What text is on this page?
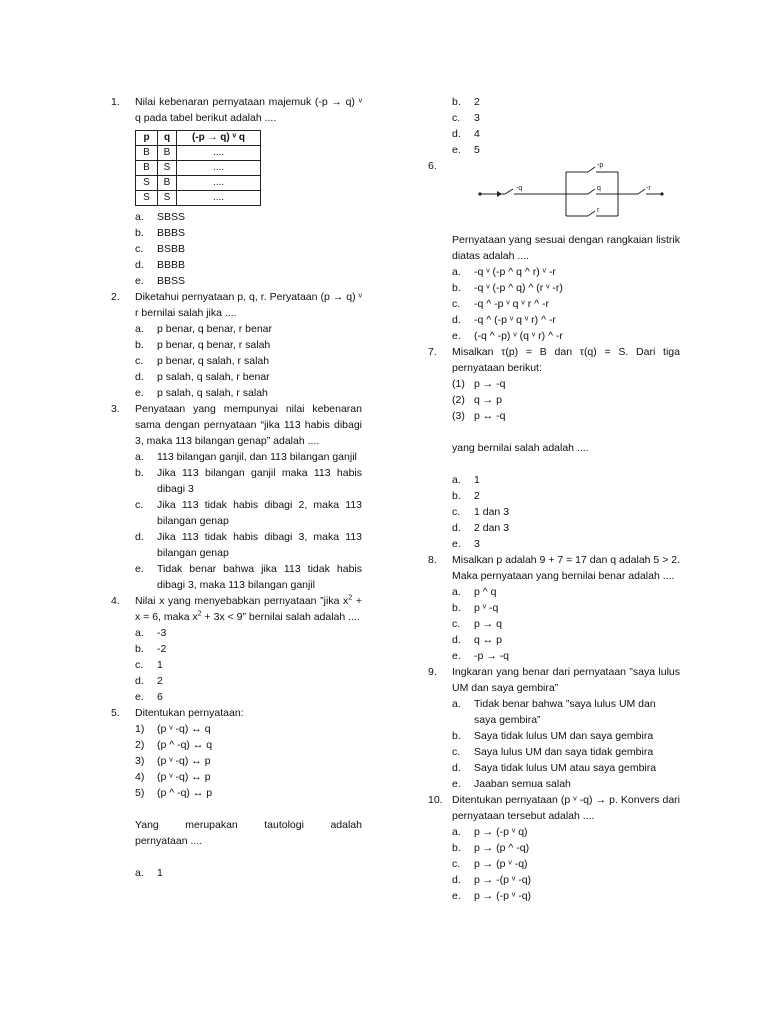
1.	Nilai kebenaran pernyataan majemuk (-p → q) ᵛ q pada tabel berikut adalah ....
p	q	(-p → q) ᵛ q
B	B	....
B	S	....
S	B	....
S	S	....
a.	SBSS
b.	BBBS
c.	BSBB
d.	BBBB
e.	BBSS
2.	Diketahui pernyataan p, q, r. Peryataan (p → q) ᵛ r bernilai salah jika ....
a.	p benar, q benar, r benar
b.	p benar, q benar, r salah
c.	p benar, q salah, r salah
d.	p salah, q salah, r benar
e.	p salah, q salah, r salah
3.	Penyataan yang mempunyai nilai kebenaran sama dengan pernyataan “jika 113 habis dibagi 3, maka 113 bilangan genap” adalah ....
a.	113 bilangan ganjil, dan 113 bilangan ganjil
b.	Jika 113 bilangan ganjil maka 113 habis dibagi 3
c.	Jika 113 tidak habis dibagi 2, maka 113 bilangan genap
d.	Jika 113 tidak habis dibagi 3, maka 113 bilangan genap
e.	Tidak benar bahwa jika 113 tidak habis dibagi 3, maka 113 bilangan ganjil
4.	Nilai x yang menyebabkan pernyataan ”jika $x^2 + x = 6$, maka $x^2 + 3x < 9$” bernilai salah adalah ....
a.	-3
b.	-2
c.	1
d.	2
e.	6
5.	Ditentukan pernyataan:
1)	(p ᵛ -q) ↔ q
2)	(p ^ -q) ↔ q
3)	(p ᵛ -q) ↔ p
4)	(p ᵛ -q) ↔ p
5)	(p ^ -q) ↔ p
Yang	merupakan	tautologi	adalah
pernyataan ....
a.	1
b.	2
c.	3
d.	4
e.	5
6.
-q
-p
q
r
-r
Pernyataan yang sesuai dengan rangkaian listrik diatas adalah ....
a.	-q ᵛ (-p ^ q ^ r) ᵛ -r
b.	-q ᵛ (-p ^ q) ^ (r ᵛ -r)
c.	-q ^ -p ᵛ q ᵛ r ^ -r
d.	-q ^ (-p ᵛ q ᵛ r) ^ -r
e.	(-q ^ -p) ᵛ (q ᵛ r) ^ -r
7.	Misalkan τ(p) = B dan τ(q) = S. Dari tiga pernyataan berikut:
(1) p → -q
(2) q → p
(3) p ↔ -q
yang bernilai salah adalah ....
a.	1
b.	2
c.	1 dan 3
d.	2 dan 3
e.	3
8.	Misalkan p adalah 9 + 7 = 17 dan q adalah 5 > 2. Maka pernyataan yang bernilai benar adalah ....
a.	p ^ q
b.	p ᵛ -q
c.	p → q
d.	q ↔ p
e.	-p → -q
9.	Ingkaran yang benar dari pernyataan ”saya lulus UM dan saya gembira”
a.	Tidak benar bahwa ”saya lulus UM dan saya gembira”
b.	Saya tidak lulus UM dan saya gembira
c.	Saya lulus UM dan saya tidak gembira
d.	Saya tidak lulus UM atau saya gembira
e.	Jaaban semua salah
10. Ditentukan pernyataan (p ᵛ -q) → p. Konvers dari pernyataan tersebut adalah ....
a.	p → (-p ᵛ q)
b.	p → (p ^ -q)
c.	p → (p ᵛ -q)
d.	p → -(p ᵛ -q)
e.	p → (-p ᵛ -q)
